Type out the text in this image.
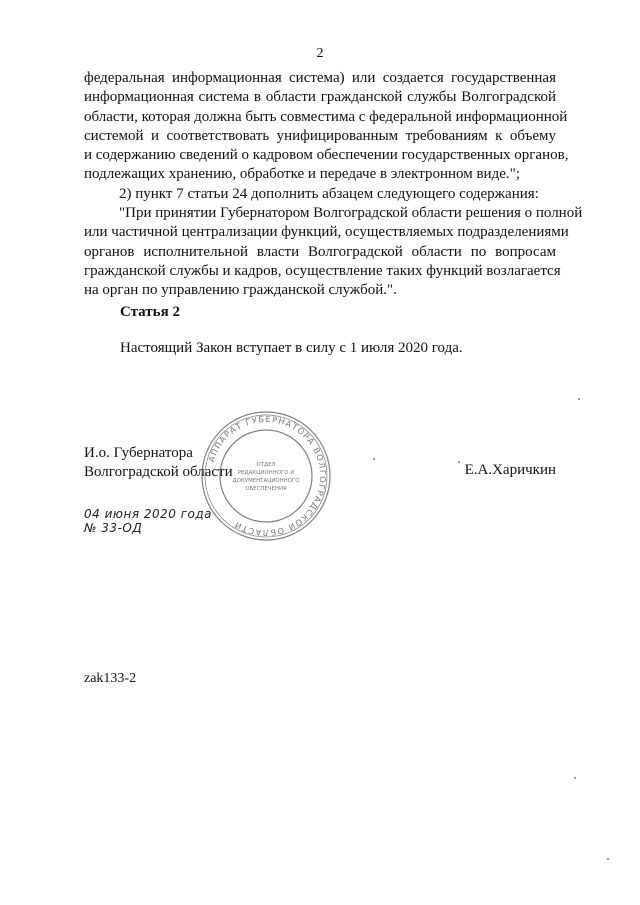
2
федеральная информационная система) или создается государственная
информационная система в области гражданской службы Волгоградской
области, которая должна быть совместима с федеральной информационной
системой и соответствовать унифицированным требованиям к объему
и содержанию сведений о кадровом обеспечении государственных органов,
подлежащих хранению, обработке и передаче в электронном виде.";
2) пункт 7 статьи 24 дополнить абзацем следующего содержания:
"При принятии Губернатором Волгоградской области решения о полной
или частичной централизации функций, осуществляемых подразделениями
органов исполнительной власти Волгоградской области по вопросам
гражданской службы и кадров, осуществление таких функций возлагается
на орган по управлению гражданской службой.".
Статья 2
Настоящий Закон вступает в силу с 1 июля 2020 года.
И.о. Губернатора
Волгоградской области	Е.А.Харичкин
04 июня 2020 года
№ 33-ОД
АППАРАТ ГУБЕРНАТОРА ВОЛГОГРАДСКОЙ ОБЛАСТИ
ОТДЕЛ
РЕДАКЦИОННОГО И
ДОКУМЕНТАЦИОННОГО
ОБЕСПЕЧЕНИЯ
zak133-2
